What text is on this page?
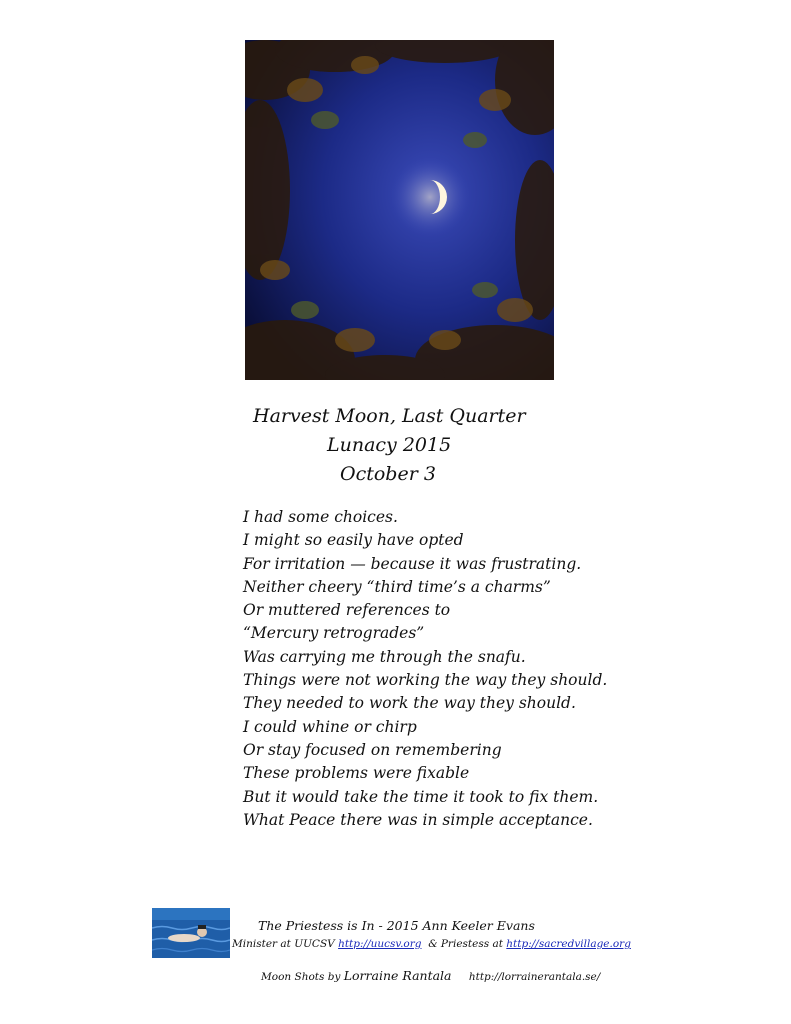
Harvest Moon, Last Quarter
Lunacy 2015
October 3
I had some choices.
I might so easily have opted
For irritation — because it was frustrating.
Neither cheery “third time’s a charms”
Or muttered references to
“Mercury retrogrades”
Was carrying me through the snafu.
Things were not working the way they should.
They needed to work the way they should.
I could whine or chirp
Or stay focused on remembering
These problems were fixable
But it would take the time it took to fix them.
What Peace there was in simple acceptance.
The Priestess is In - 2015 Ann Keeler Evans
Minister at UUCSV http://uucsv.org & Priestess at http://sacredvillage.org
Moon Shots by Lorraine Rantala http://lorrainerantala.se/
